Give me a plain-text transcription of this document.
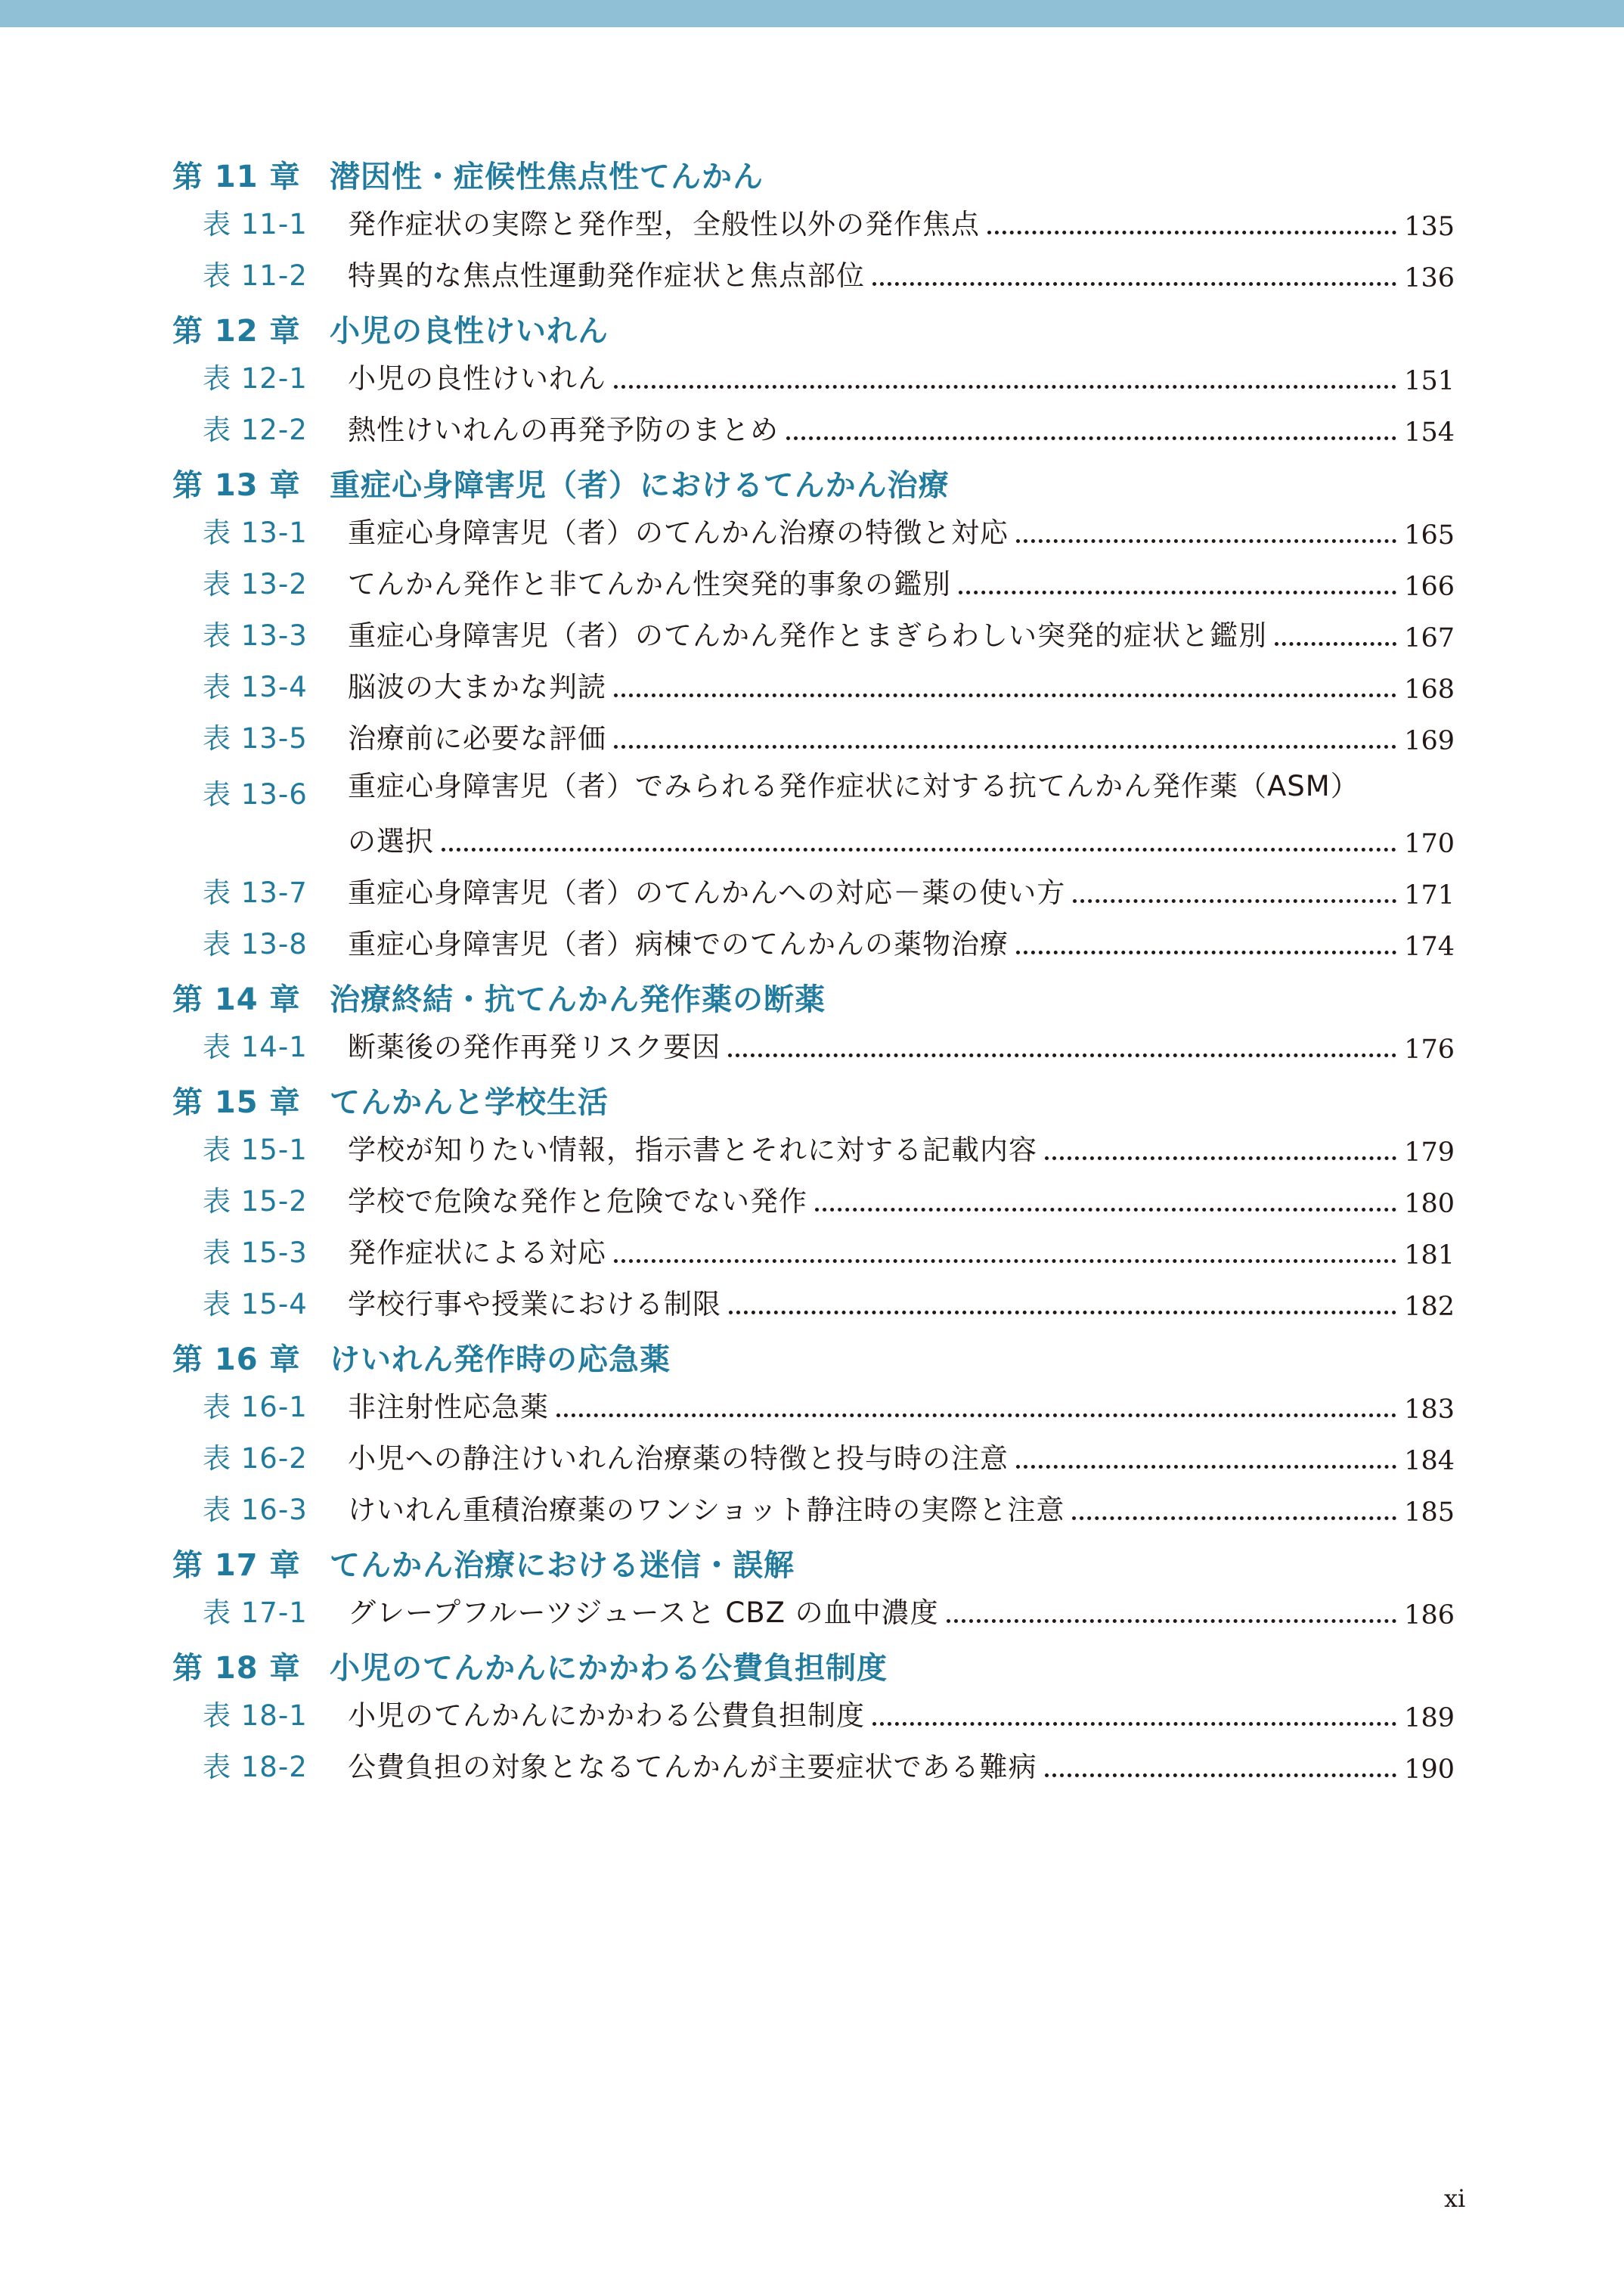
第 11 章 潜因性・症候性焦点性てんかん
表 11-1	発作症状の実際と発作型，全般性以外の発作焦点	135
表 11-2	特異的な焦点性運動発作症状と焦点部位	136
第 12 章 小児の良性けいれん
表 12-1	小児の良性けいれん	151
表 12-2	熱性けいれんの再発予防のまとめ	154
第 13 章 重症心身障害児（者）におけるてんかん治療
表 13-1	重症心身障害児（者）のてんかん治療の特徴と対応	165
表 13-2	てんかん発作と非てんかん性突発的事象の鑑別	166
表 13-3	重症心身障害児（者）のてんかん発作とまぎらわしい突発的症状と鑑別	167
表 13-4	脳波の大まかな判読	168
表 13-5	治療前に必要な評価	169
表 13-6	重症心身障害児（者）でみられる発作症状に対する抗てんかん発作薬（ASM）
の選択	170
表 13-7	重症心身障害児（者）のてんかんへの対応－薬の使い方	171
表 13-8	重症心身障害児（者）病棟でのてんかんの薬物治療	174
第 14 章 治療終結・抗てんかん発作薬の断薬
表 14-1	断薬後の発作再発リスク要因	176
第 15 章 てんかんと学校生活
表 15-1	学校が知りたい情報，指示書とそれに対する記載内容	179
表 15-2	学校で危険な発作と危険でない発作	180
表 15-3	発作症状による対応	181
表 15-4	学校行事や授業における制限	182
第 16 章 けいれん発作時の応急薬
表 16-1	非注射性応急薬	183
表 16-2	小児への静注けいれん治療薬の特徴と投与時の注意	184
表 16-3	けいれん重積治療薬のワンショット静注時の実際と注意	185
第 17 章 てんかん治療における迷信・誤解
表 17-1	グレープフルーツジュースと CBZ の血中濃度	186
第 18 章 小児のてんかんにかかわる公費負担制度
表 18-1	小児のてんかんにかかわる公費負担制度	189
表 18-2	公費負担の対象となるてんかんが主要症状である難病	190
xi
